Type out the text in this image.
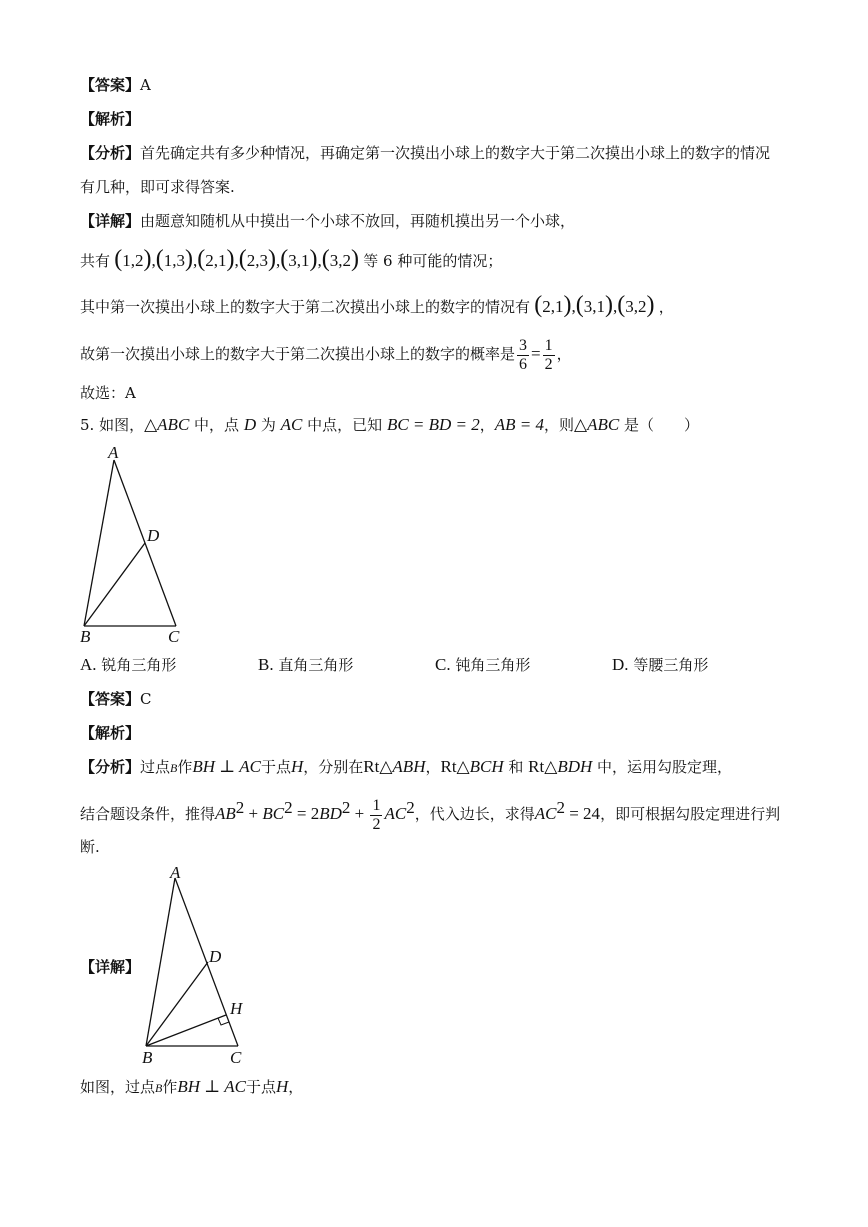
【答案】A
【解析】
【分析】首先确定共有多少种情况，再确定第一次摸出小球上的数字大于第二次摸出小球上的数字的情况
有几种，即可求得答案.
【详解】由题意知随机从中摸出一个小球不放回，再随机摸出另一个小球，
共有 (1,2),(1,3),(2,1),(2,3),(3,1),(3,2) 等 6 种可能的情况；
其中第一次摸出小球上的数字大于第二次摸出小球上的数字的情况有 (2,1),(3,1),(3,2) ，
故第一次摸出小球上的数字大于第二次摸出小球上的数字的概率是 $\frac{3}{6} = \frac{1}{2}$ ，
故选：A
5. 如图，△ABC 中，点 D 为 AC 中点，已知 BC = BD = 2，AB = 4，则△ABC 是（　　）
A
D
B	C
A. 锐角三角形	B. 直角三角形	C. 钝角三角形	D. 等腰三角形
【答案】C
【解析】
【分析】过点B作BH ⊥ AC于点H，分别在Rt△ABH，Rt△BCH 和 Rt△BDH 中，运用勾股定理，
结合题设条件，推得$AB^2 + BC^2 = 2BD^2 + \frac{1}{2} AC^2$，代入边长，求得$AC^2 = 24$，即可根据勾股定理进行判
断.
【详解】
A
D
H
B	C
如图，过点B作BH ⊥ AC于点H，
